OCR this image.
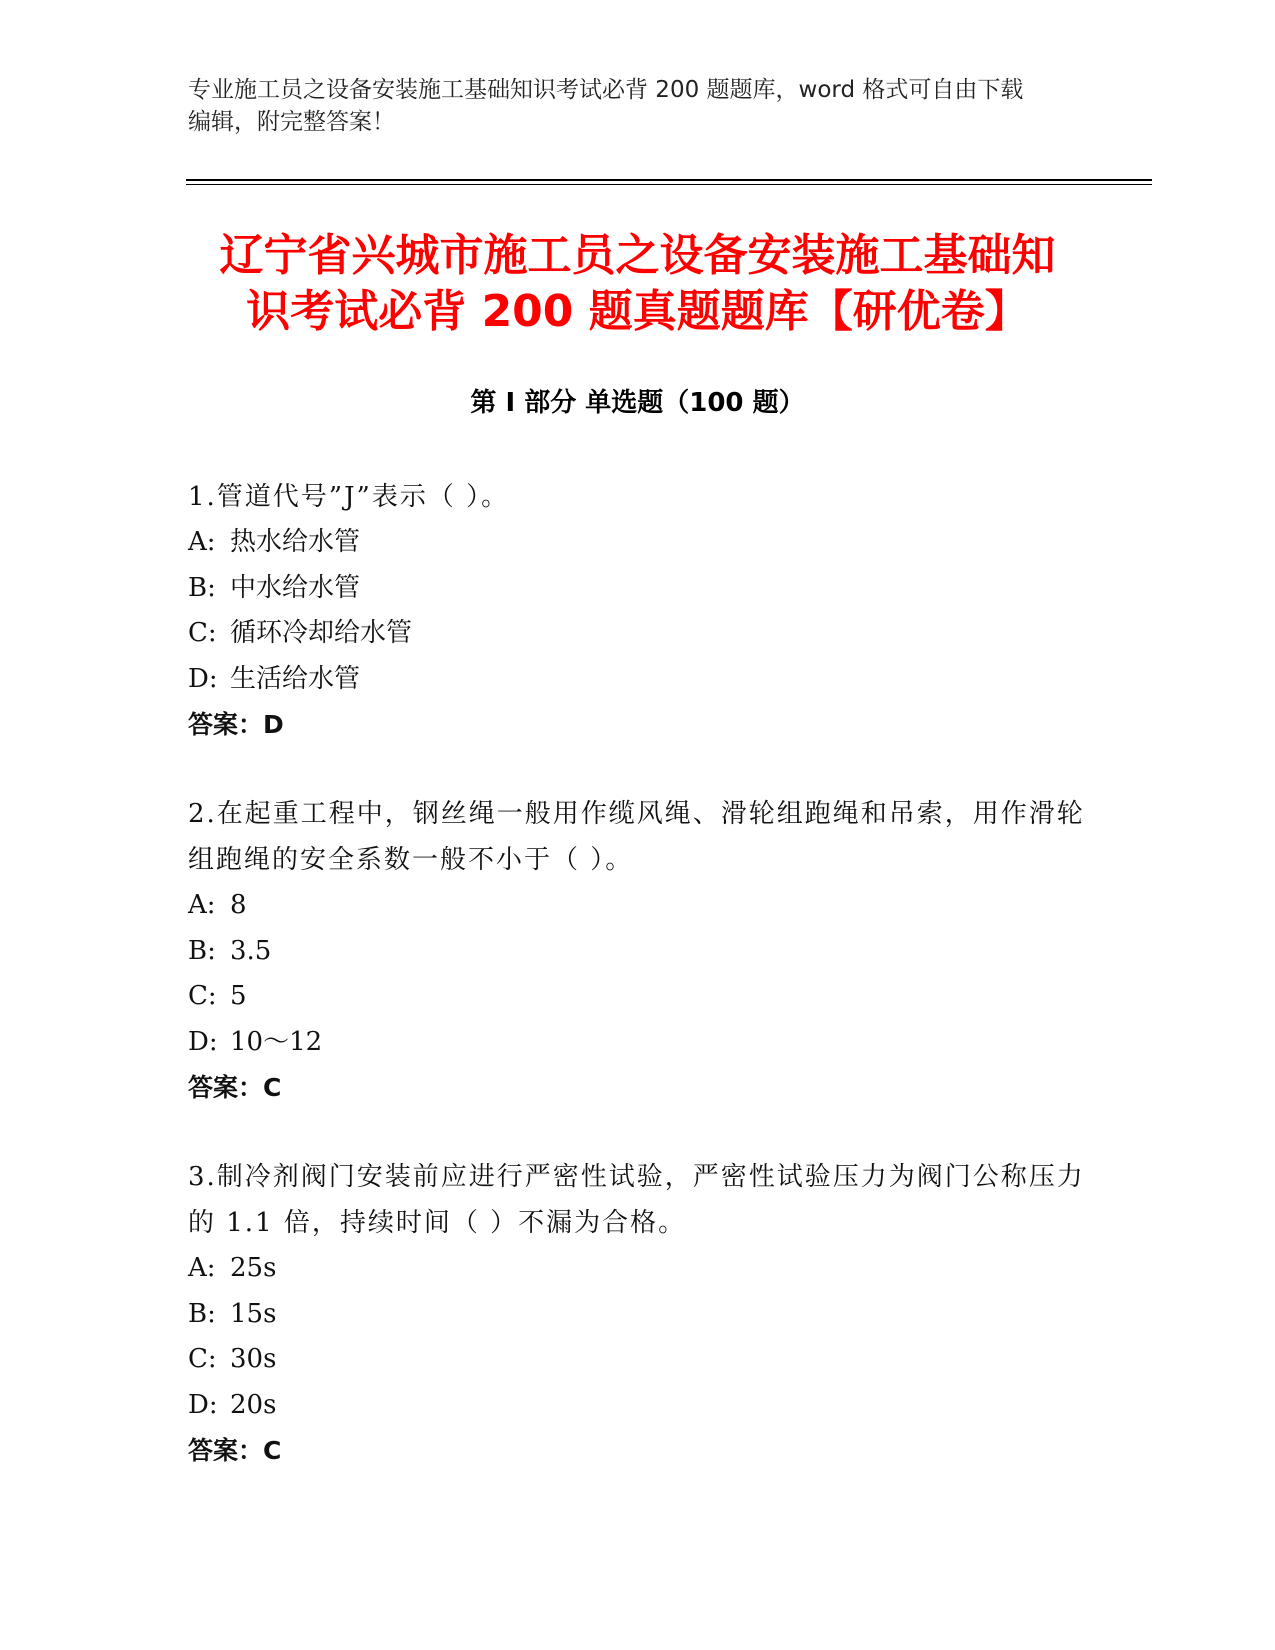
专业施工员之设备安装施工基础知识考试必背 200 题题库，word 格式可自由下载
编辑，附完整答案！
辽宁省兴城市施工员之设备安装施工基础知
识考试必背 200 题真题题库【研优卷】
第 I 部分 单选题（100 题）
1.管道代号”J”表示（ ）。
A: 热水给水管
B: 中水给水管
C: 循环冷却给水管
D: 生活给水管
答案：D
2.在起重工程中，钢丝绳一般用作缆风绳、滑轮组跑绳和吊索，用作滑轮组跑绳的安全系数一般不小于（ ）。
A: 8
B: 3.5
C: 5
D: 10～12
答案：C
3.制冷剂阀门安装前应进行严密性试验，严密性试验压力为阀门公称压力的 1.1 倍，持续时间（ ）不漏为合格。
A: 25s
B: 15s
C: 30s
D: 20s
答案：C
